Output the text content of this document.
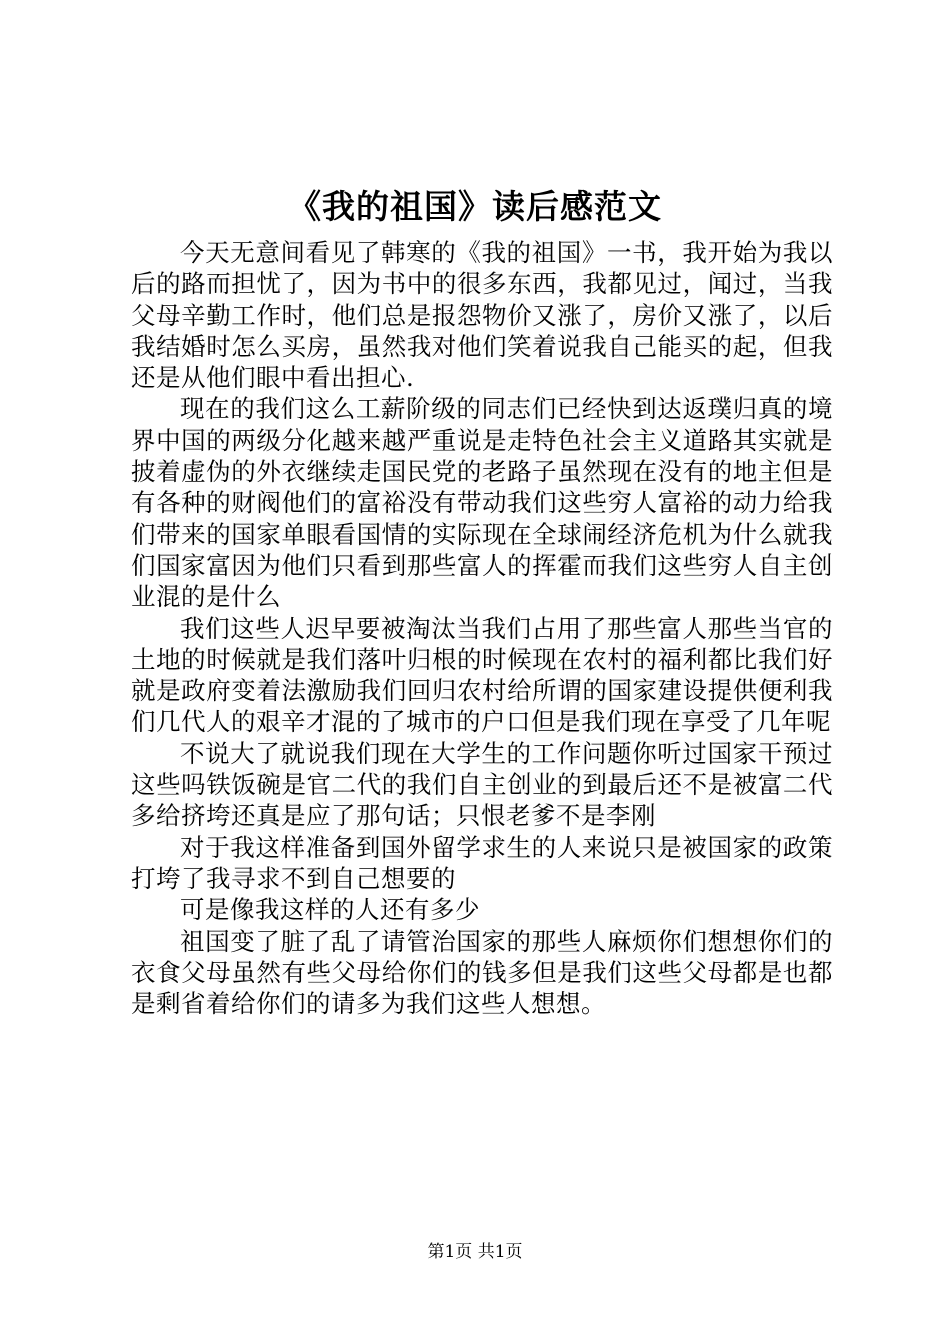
《我的祖国》读后感范文

今天无意间看见了韩寒的《我的祖国》一书，我开始为我以后的路而担忧了，因为书中的很多东西，我都见过，闻过，当我父母辛勤工作时，他们总是报怨物价又涨了，房价又涨了，以后我结婚时怎么买房，虽然我对他们笑着说我自己能买的起，但我还是从他们眼中看出担心.

现在的我们这么工薪阶级的同志们已经快到达返璞归真的境界中国的两级分化越来越严重说是走特色社会主义道路其实就是披着虚伪的外衣继续走国民党的老路子虽然现在没有的地主但是有各种的财阀他们的富裕没有带动我们这些穷人富裕的动力给我们带来的国家单眼看国情的实际现在全球闹经济危机为什么就我们国家富因为他们只看到那些富人的挥霍而我们这些穷人自主创业混的是什么

我们这些人迟早要被淘汰当我们占用了那些富人那些当官的土地的时候就是我们落叶归根的时候现在农村的福利都比我们好就是政府变着法激励我们回归农村给所谓的国家建设提供便利我们几代人的艰辛才混的了城市的户口但是我们现在享受了几年呢

不说大了就说我们现在大学生的工作问题你听过国家干预过这些吗铁饭碗是官二代的我们自主创业的到最后还不是被富二代多给挤垮还真是应了那句话；只恨老爹不是李刚

对于我这样准备到国外留学求生的人来说只是被国家的政策打垮了我寻求不到自己想要的

可是像我这样的人还有多少

祖国变了脏了乱了请管治国家的那些人麻烦你们想想你们的衣食父母虽然有些父母给你们的钱多但是我们这些父母都是也都是剩省着给你们的请多为我们这些人想想。

第1页 共1页
